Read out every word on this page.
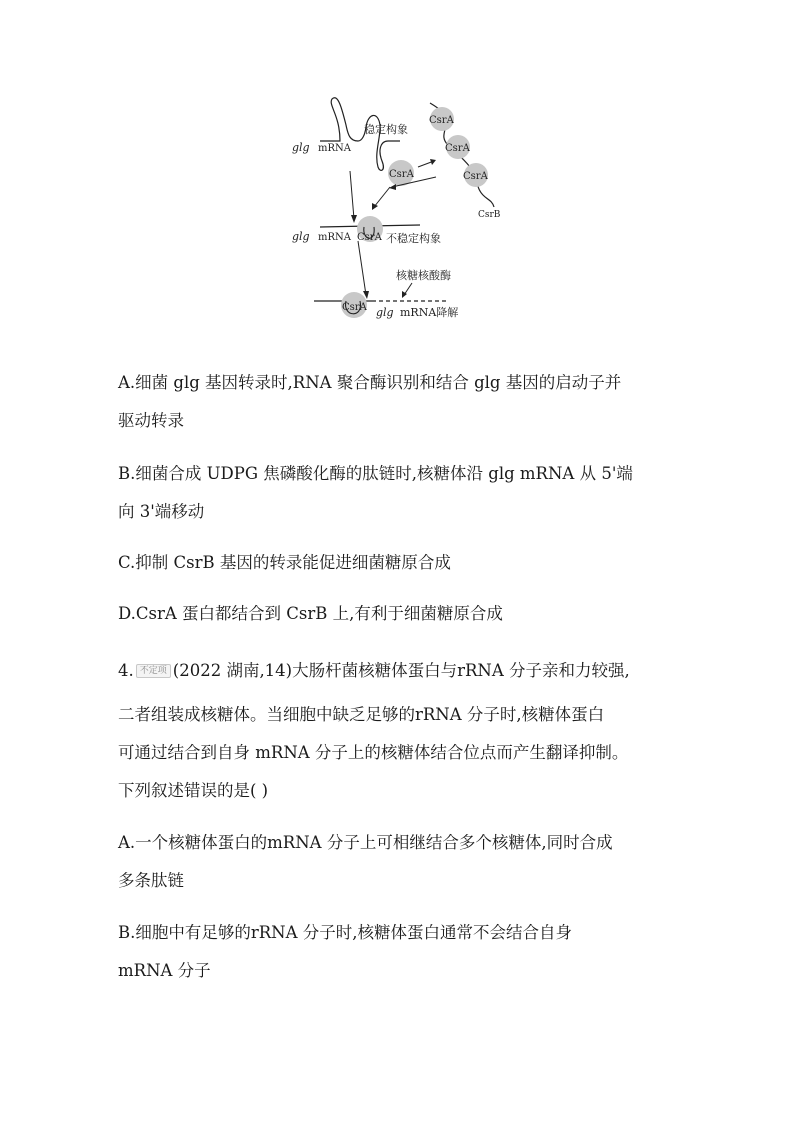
glg mRNA
稳定构象
CsrA
CsrA
CsrA
CsrB
CsrA
glg mRNA CsrA 不稳定构象
核糖核酸酶
CsrA glg mRNA降解
A.细菌 glg 基因转录时,RNA 聚合酶识别和结合 glg 基因的启动子并
驱动转录
B.细菌合成 UDPG 焦磷酸化酶的肽链时,核糖体沿 glg mRNA 从 5'端
向 3'端移动
C.抑制 CsrB 基因的转录能促进细菌糖原合成
D.CsrA 蛋白都结合到 CsrB 上,有利于细菌糖原合成
4. 不定项 (2022 湖南,14)大肠杆菌核糖体蛋白与rRNA 分子亲和力较强,
二者组装成核糖体。当细胞中缺乏足够的rRNA 分子时,核糖体蛋白
可通过结合到自身 mRNA 分子上的核糖体结合位点而产生翻译抑制。
下列叙述错误的是( )
A.一个核糖体蛋白的mRNA 分子上可相继结合多个核糖体,同时合成
多条肽链
B.细胞中有足够的rRNA 分子时,核糖体蛋白通常不会结合自身
mRNA 分子
